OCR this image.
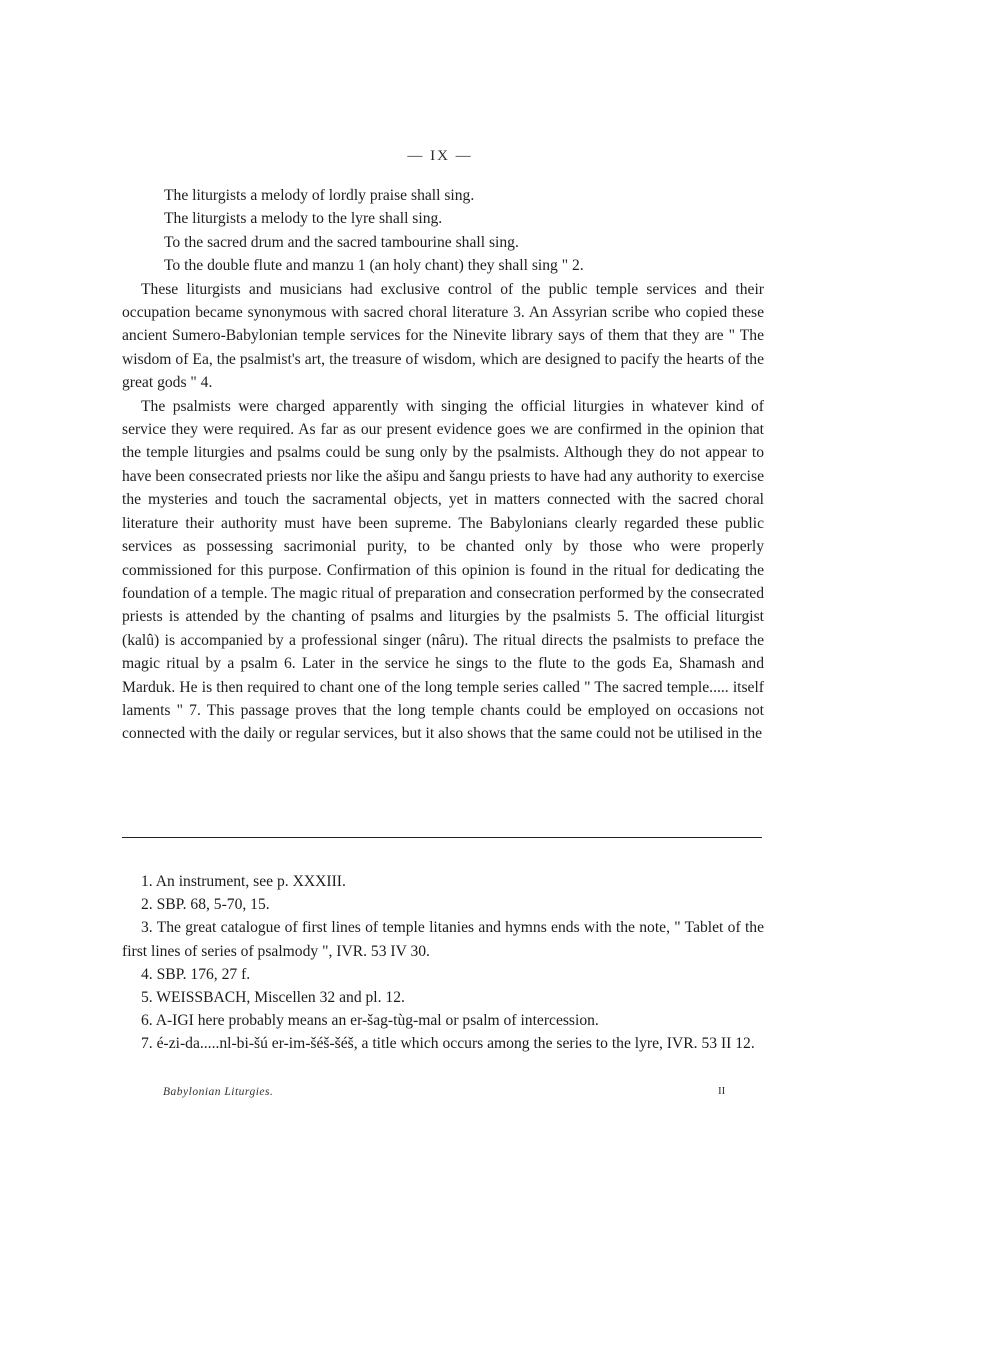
— IX —

The liturgists a melody of lordly praise shall sing.

The liturgists a melody to the lyre shall sing.

To the sacred drum and the sacred tambourine shall sing.

To the double flute and manzu 1 (an holy chant) they shall sing " 2.

These liturgists and musicians had exclusive control of the public temple services and their occupation became synonymous with sacred choral literature 3. An Assyrian scribe who copied these ancient Sumero-Babylonian temple services for the Ninevite library says of them that they are " The wisdom of Ea, the psalmist's art, the treasure of wisdom, which are designed to pacify the hearts of the great gods " 4.

The psalmists were charged apparently with singing the official liturgies in whatever kind of service they were required. As far as our present evidence goes we are confirmed in the opinion that the temple liturgies and psalms could be sung only by the psalmists. Although they do not appear to have been consecrated priests nor like the ašipu and šangu priests to have had any authority to exercise the mysteries and touch the sacramental objects, yet in matters connected with the sacred choral literature their authority must have been supreme. The Babylonians clearly regarded these public services as possessing sacrimonial purity, to be chanted only by those who were properly commissioned for this purpose. Confirmation of this opinion is found in the ritual for dedicating the foundation of a temple. The magic ritual of preparation and consecration performed by the consecrated priests is attended by the chanting of psalms and liturgies by the psalmists 5. The official liturgist (kalû) is accompanied by a professional singer (nâru). The ritual directs the psalmists to preface the magic ritual by a psalm 6. Later in the service he sings to the flute to the gods Ea, Shamash and Marduk. He is then required to chant one of the long temple series called " The sacred temple..... itself laments " 7. This passage proves that the long temple chants could be employed on occasions not connected with the daily or regular services, but it also shows that the same could not be utilised in the

1. An instrument, see p. XXXIII.

2. SBP. 68, 5-70, 15.

3. The great catalogue of first lines of temple litanies and hymns ends with the note, " Tablet of the first lines of series of psalmody ", IVR. 53 IV 30.

4. SBP. 176, 27 f.

5. WEISSBACH, Miscellen 32 and pl. 12.

6. A-IGI here probably means an er-šag-tùg-mal or psalm of intercession.

7. é-zi-da.....nl-bi-šú er-im-šéš-šéš, a title which occurs among the series to the lyre, IVR. 53 II 12.

Babylonian Liturgies.	II
